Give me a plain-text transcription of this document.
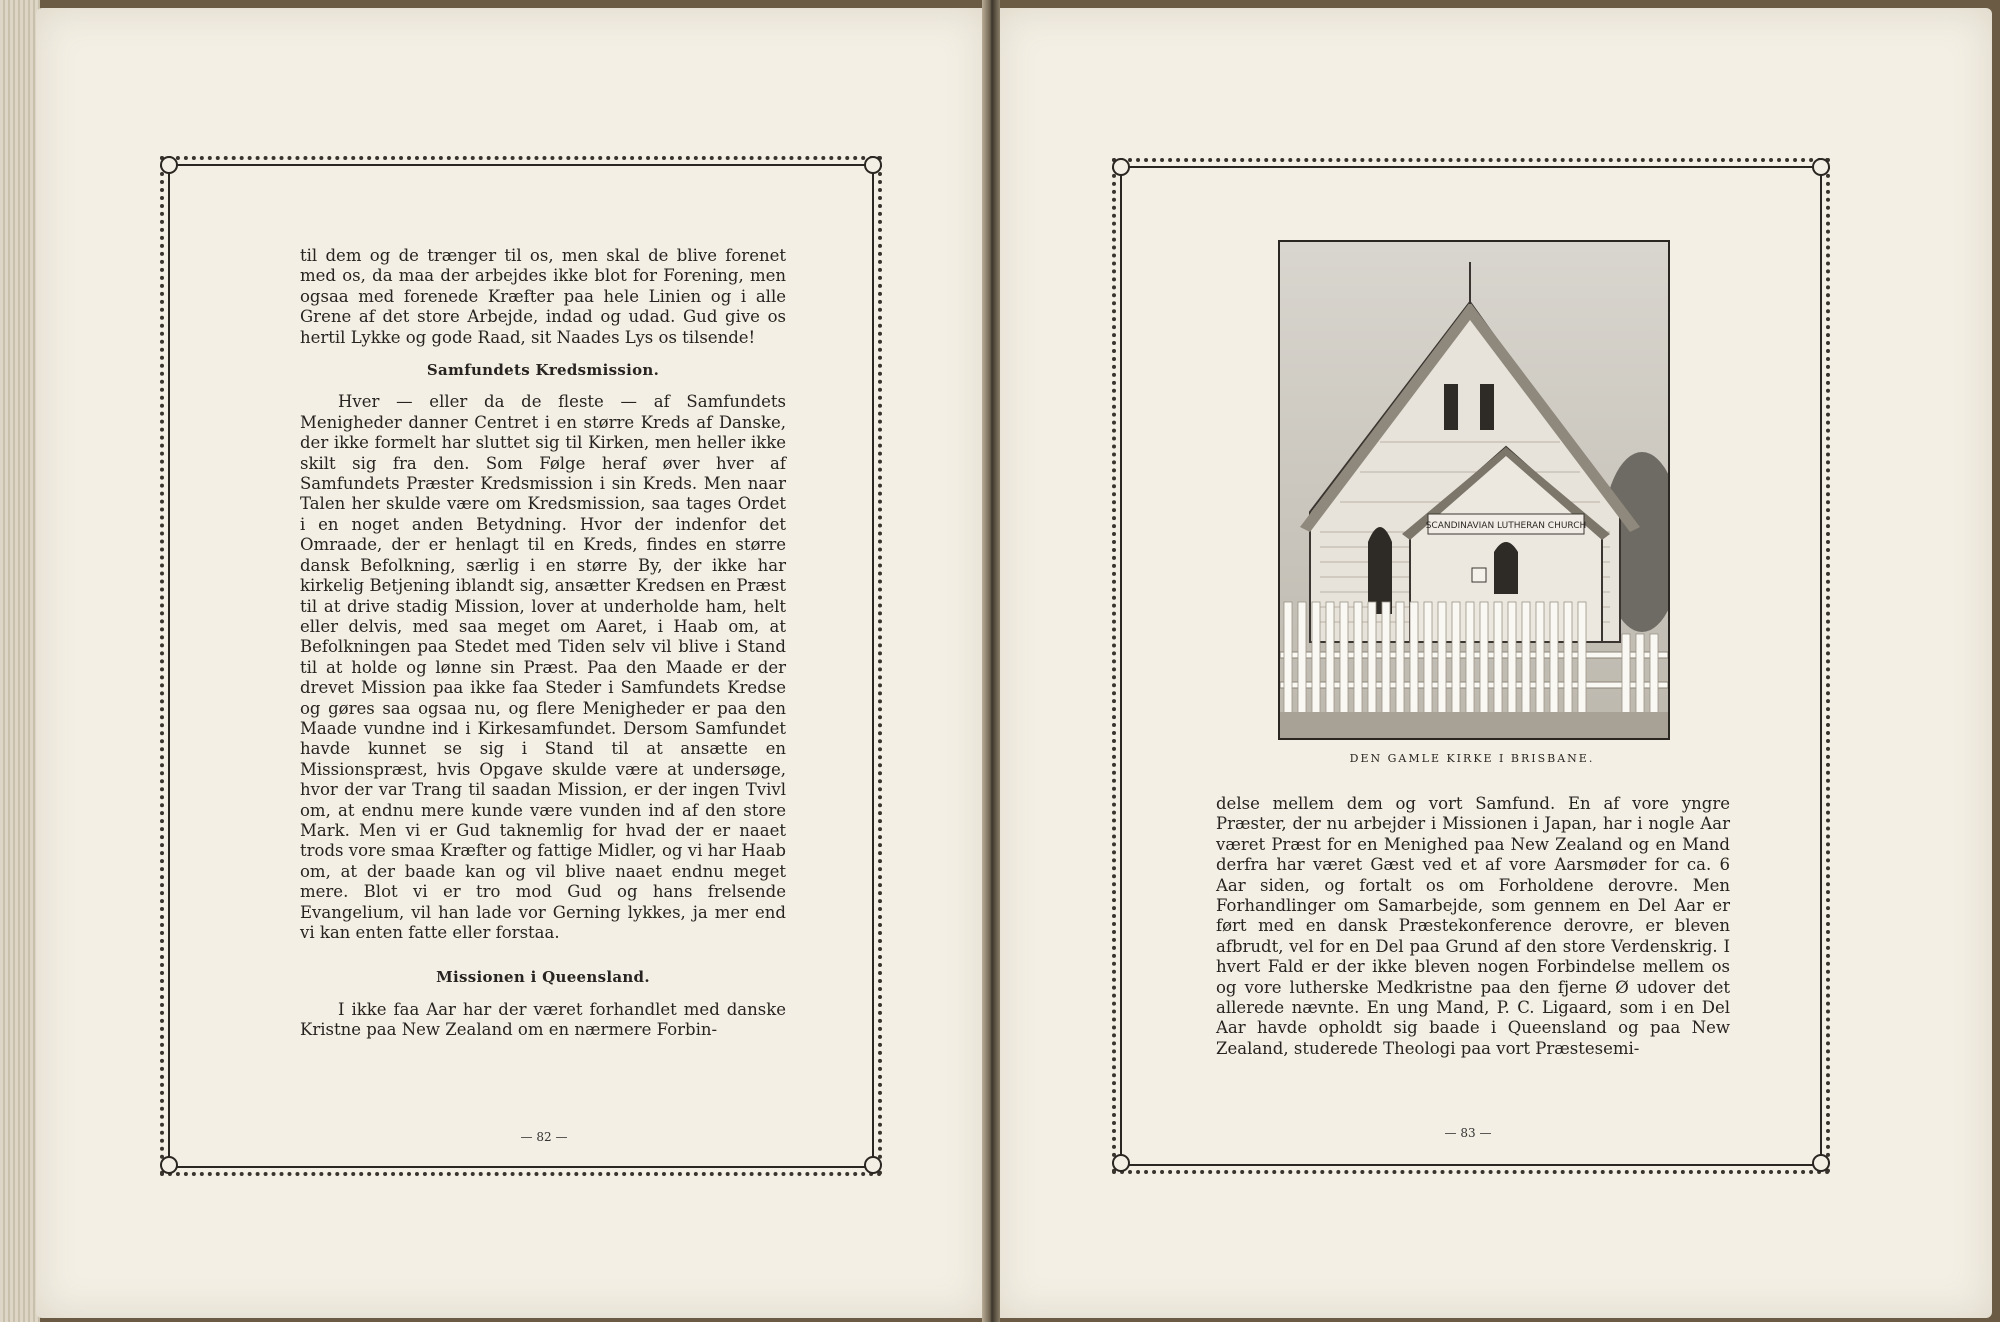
til dem og de trænger til os, men skal de blive forenet med os, da maa der arbejdes ikke blot for Forening, men ogsaa med forenede Kræfter paa hele Linien og i alle Grene af det store Arbejde, indad og udad. Gud give os hertil Lykke og gode Raad, sit Naades Lys os tilsende!

Samfundets Kredsmission.

Hver — eller da de fleste — af Samfundets Menigheder danner Centret i en større Kreds af Danske, der ikke formelt har sluttet sig til Kirken, men heller ikke skilt sig fra den. Som Følge heraf øver hver af Samfundets Præster Kredsmission i sin Kreds. Men naar Talen her skulde være om Kredsmission, saa tages Ordet i en noget anden Betydning. Hvor der indenfor det Omraade, der er henlagt til en Kreds, findes en større dansk Befolkning, særlig i en større By, der ikke har kirkelig Betjening iblandt sig, ansætter Kredsen en Præst til at drive stadig Mission, lover at underholde ham, helt eller delvis, med saa meget om Aaret, i Haab om, at Befolkningen paa Stedet med Tiden selv vil blive i Stand til at holde og lønne sin Præst. Paa den Maade er der drevet Mission paa ikke faa Steder i Samfundets Kredse og gøres saa ogsaa nu, og flere Menigheder er paa den Maade vundne ind i Kirkesamfundet. Dersom Samfundet havde kunnet se sig i Stand til at ansætte en Missionspræst, hvis Opgave skulde være at undersøge, hvor der var Trang til saadan Mission, er der ingen Tvivl om, at endnu mere kunde være vunden ind af den store Mark. Men vi er Gud taknemlig for hvad der er naaet trods vore smaa Kræfter og fattige Midler, og vi har Haab om, at der baade kan og vil blive naaet endnu meget mere. Blot vi er tro mod Gud og hans frelsende Evangelium, vil han lade vor Gerning lykkes, ja mer end vi kan enten fatte eller forstaa.

Missionen i Queensland.

I ikke faa Aar har der været forhandlet med danske Kristne paa New Zealand om en nærmere Forbin-

— 82 —
SCANDINAVIAN LUTHERAN CHURCH
DEN GAMLE KIRKE I BRISBANE.

delse mellem dem og vort Samfund. En af vore yngre Præster, der nu arbejder i Missionen i Japan, har i nogle Aar været Præst for en Menighed paa New Zealand og en Mand derfra har været Gæst ved et af vore Aarsmøder for ca. 6 Aar siden, og fortalt os om Forholdene derovre. Men Forhandlinger om Samarbejde, som gennem en Del Aar er ført med en dansk Præstekonference derovre, er bleven afbrudt, vel for en Del paa Grund af den store Verdenskrig. I hvert Fald er der ikke bleven nogen Forbindelse mellem os og vore lutherske Medkristne paa den fjerne Ø udover det allerede nævnte. En ung Mand, P. C. Ligaard, som i en Del Aar havde opholdt sig baade i Queensland og paa New Zealand, studerede Theologi paa vort Præstesemi-

— 83 —
